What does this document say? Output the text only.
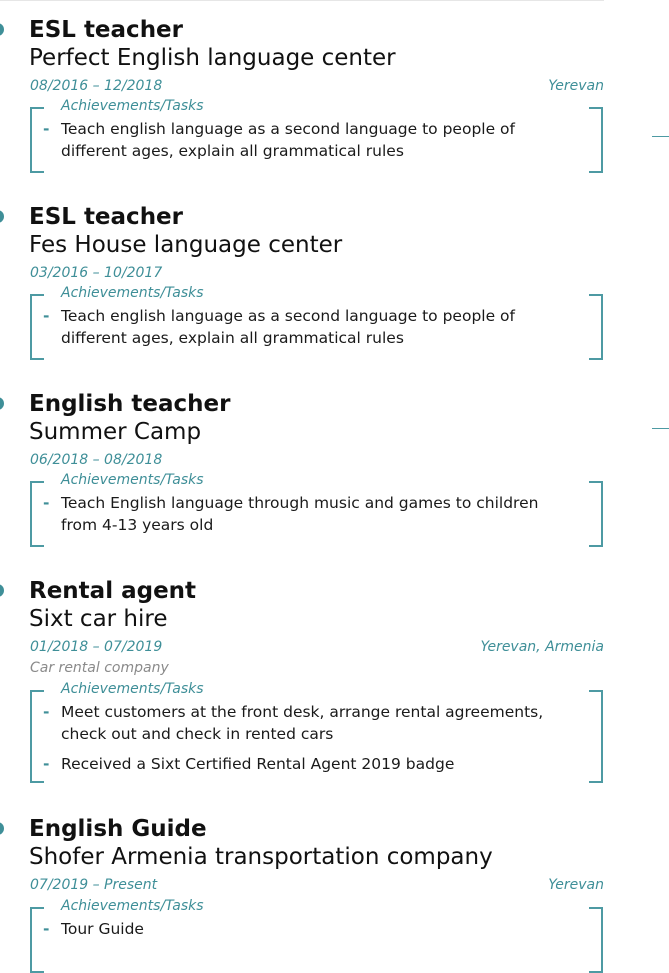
ESL teacher
Perfect English language center
08/2016 – 12/2018	Yerevan
Achievements/Tasks
- Teach english language as a second language to people of different ages, explain all grammatical rules
ESL teacher
Fes House language center
03/2016 – 10/2017
Achievements/Tasks
- Teach english language as a second language to people of different ages, explain all grammatical rules
English teacher
Summer Camp
06/2018 – 08/2018
Achievements/Tasks
- Teach English language through music and games to children from 4-13 years old
Rental agent
Sixt car hire
01/2018 – 07/2019	Yerevan, Armenia
Car rental company
Achievements/Tasks
- Meet customers at the front desk, arrange rental agreements, check out and check in rented cars
- Received a Sixt Certified Rental Agent 2019 badge
English Guide
Shofer Armenia transportation company
07/2019 – Present	Yerevan
Achievements/Tasks
- Tour Guide
